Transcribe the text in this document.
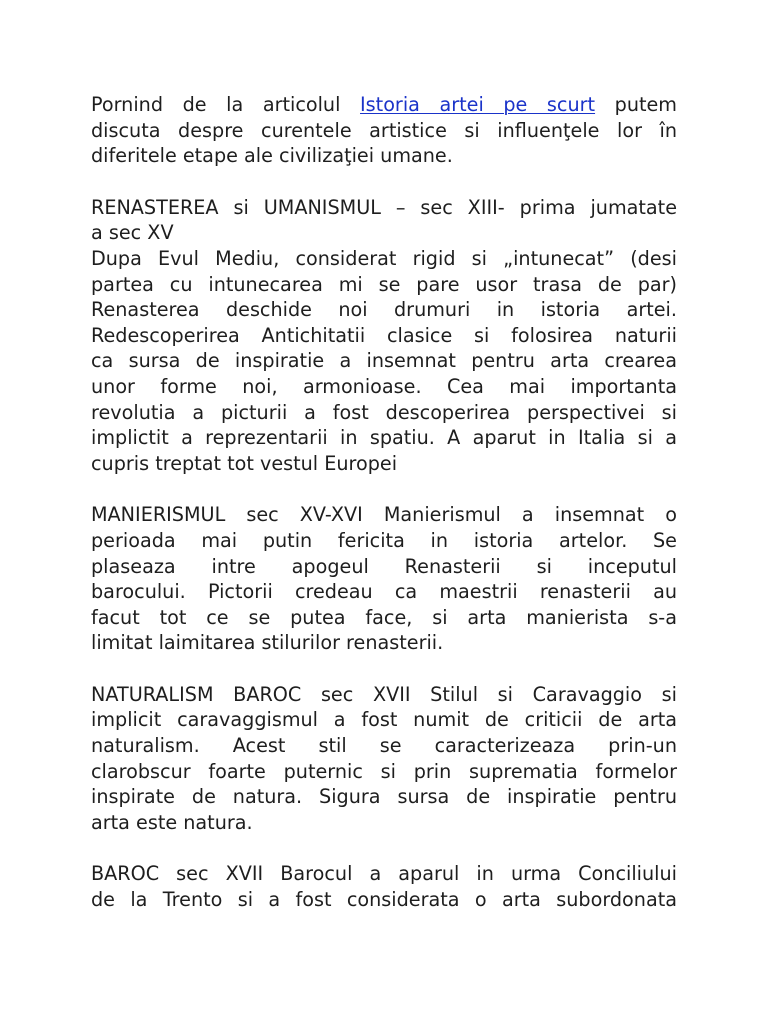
Pornind de la articolul Istoria artei pe scurt putem
discuta despre curentele artistice si influenţele lor în
diferitele etape ale civilizaţiei umane.
RENASTEREA si UMANISMUL – sec XIII- prima jumatate
a sec XV
Dupa Evul Mediu, considerat rigid si „intunecat” (desi
partea cu intunecarea mi se pare usor trasa de par)
Renasterea deschide noi drumuri in istoria artei.
Redescoperirea Antichitatii clasice si folosirea naturii
ca sursa de inspiratie a insemnat pentru arta crearea
unor forme noi, armonioase. Cea mai importanta
revolutia a picturii a fost descoperirea perspectivei si
implictit a reprezentarii in spatiu. A aparut in Italia si a
cupris treptat tot vestul Europei
MANIERISMUL sec XV-XVI Manierismul a insemnat o
perioada mai putin fericita in istoria artelor. Se
plaseaza intre apogeul Renasterii si inceputul
barocului. Pictorii credeau ca maestrii renasterii au
facut tot ce se putea face, si arta manierista s-a
limitat laimitarea stilurilor renasterii.
NATURALISM BAROC sec XVII Stilul si Caravaggio si
implicit caravaggismul a fost numit de criticii de arta
naturalism. Acest stil se caracterizeaza prin-un
clarobscur foarte puternic si prin suprematia formelor
inspirate de natura. Sigura sursa de inspiratie pentru
arta este natura.
BAROC sec XVII Barocul a aparul in urma Conciliului
de la Trento si a fost considerata o arta subordonata
